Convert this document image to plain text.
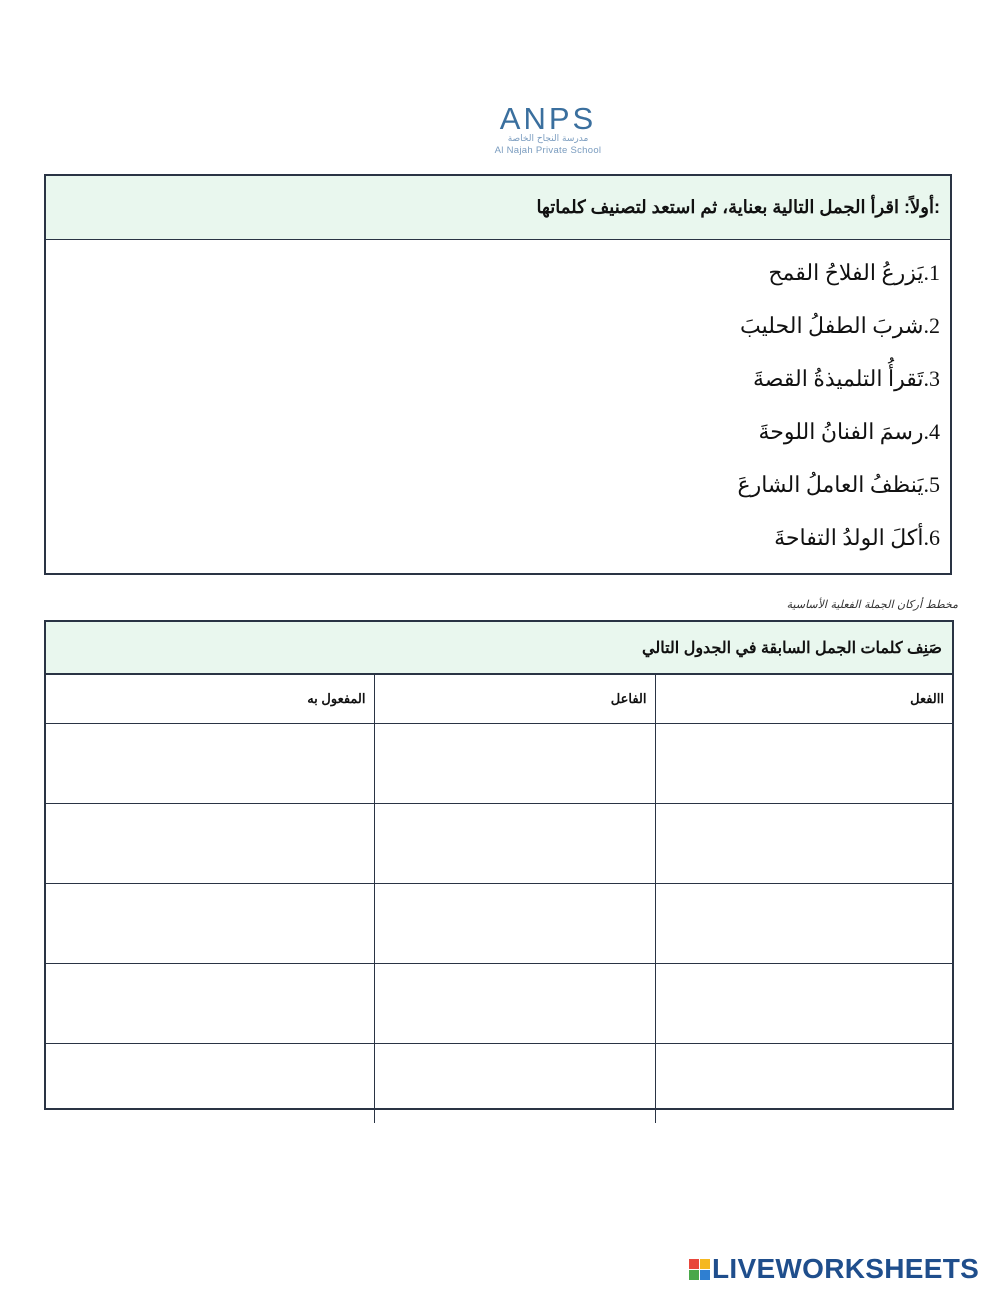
ANPS
مدرسة النجاح الخاصة
Al Najah Private School
:أولاً: اقرأ الجمل التالية بعناية، ثم استعد لتصنيف كلماتها
1.يَزرعُ الفلاحُ القمح
2.شربَ الطفلُ الحليبَ
3.تَقرأُ التلميذةُ القصةَ
4.رسمَ الفنانُ اللوحةَ
5.يَنظفُ العاملُ الشارعَ
6.أكلَ الولدُ التفاحةَ
مخطط أركان الجملة الفعلية الأساسية
صَنِف كلمات الجمل السابقة في الجدول التالي
االفعل	الفاعل	المفعول به

LIVEWORKSHEETS
